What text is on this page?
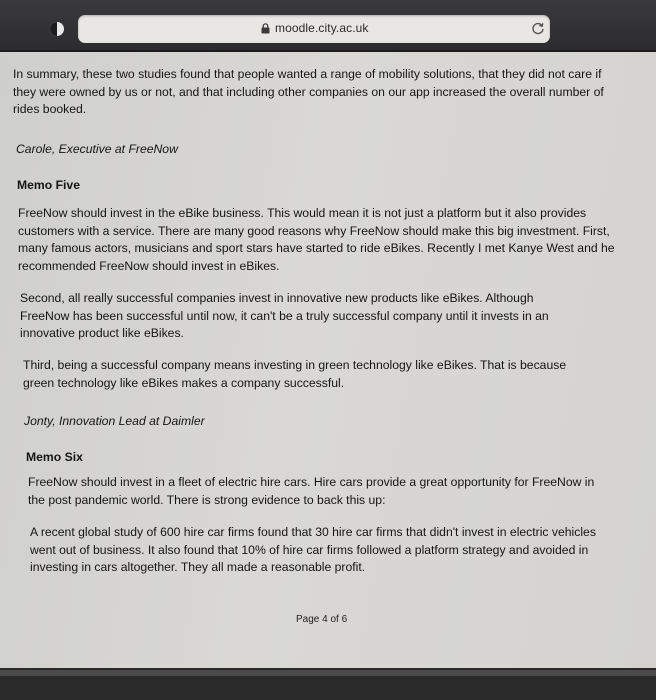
moodle.city.ac.uk

In summary, these two studies found that people wanted a range of mobility solutions, that they did not care if they were owned by us or not, and that including other companies on our app increased the overall number of rides booked.

Carole, Executive at FreeNow

Memo Five

FreeNow should invest in the eBike business. This would mean it is not just a platform but it also provides customers with a service. There are many good reasons why FreeNow should make this big investment. First, many famous actors, musicians and sport stars have started to ride eBikes. Recently I met Kanye West and he recommended FreeNow should invest in eBikes.

Second, all really successful companies invest in innovative new products like eBikes. Although FreeNow has been successful until now, it can't be a truly successful company until it invests in an innovative product like eBikes.

Third, being a successful company means investing in green technology like eBikes. That is because green technology like eBikes makes a company successful.

Jonty, Innovation Lead at Daimler

Memo Six

FreeNow should invest in a fleet of electric hire cars. Hire cars provide a great opportunity for FreeNow in the post pandemic world. There is strong evidence to back this up:

A recent global study of 600 hire car firms found that 30 hire car firms that didn't invest in electric vehicles went out of business. It also found that 10% of hire car firms followed a platform strategy and avoided in investing in cars altogether. They all made a reasonable profit.

Page 4 of 6
